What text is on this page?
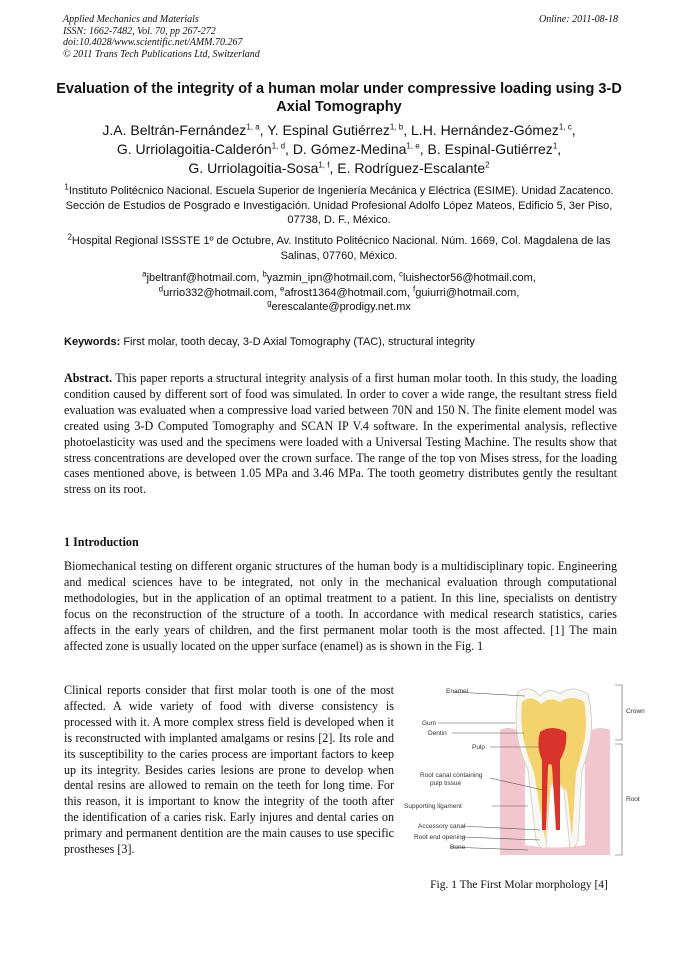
Applied Mechanics and Materials
ISSN: 1662-7482, Vol. 70, pp 267-272
doi:10.4028/www.scientific.net/AMM.70.267
© 2011 Trans Tech Publications Ltd, Switzerland
Online: 2011-08-18
Evaluation of the integrity of a human molar under compressive loading using 3-D Axial Tomography
J.A. Beltrán-Fernández$^{1, a}$, Y. Espinal Gutiérrez$^{1, b}$, L.H. Hernández-Gómez$^{1, c}$,
G. Urriolagoitia-Calderón$^{1, d}$, D. Gómez-Medina$^{1, e}$, B. Espinal-Gutiérrez$^1$,
G. Urriolagoitia-Sosa$^{1, f}$, E. Rodríguez-Escalante$^2$
$^1$Instituto Politécnico Nacional. Escuela Superior de Ingeniería Mecánica y Eléctrica (ESIME). Unidad Zacatenco. Sección de Estudios de Posgrado e Investigación. Unidad Profesional Adolfo López Mateos, Edificio 5, 3er Piso, 07738, D. F., México.
$^2$Hospital Regional ISSSTE 1º de Octubre, Av. Instituto Politécnico Nacional. Núm. 1669, Col. Magdalena de las Salinas, 07760, México.
$^a$jbeltranf@hotmail.com, $^b$yazmin_ipn@hotmail.com, $^c$luishector56@hotmail.com,
$^d$urrio332@hotmail.com, $^e$afrost1364@hotmail.com, $^f$guiurri@hotmail.com,
$^g$erescalante@prodigy.net.mx
Keywords: First molar, tooth decay, 3-D Axial Tomography (TAC), structural integrity
Abstract. This paper reports a structural integrity analysis of a first human molar tooth. In this study, the loading condition caused by different sort of food was simulated. In order to cover a wide range, the resultant stress field evaluation was evaluated when a compressive load varied between 70N and 150 N. The finite element model was created using 3-D Computed Tomography and SCAN IP V.4 software. In the experimental analysis, reflective photoelasticity was used and the specimens were loaded with a Universal Testing Machine. The results show that stress concentrations are developed over the crown surface. The range of the top von Mises stress, for the loading cases mentioned above, is between 1.05 MPa and 3.46 MPa. The tooth geometry distributes gently the resultant stress on its root.
1 Introduction
Biomechanical testing on different organic structures of the human body is a multidisciplinary topic. Engineering and medical sciences have to be integrated, not only in the mechanical evaluation through computational methodologies, but in the application of an optimal treatment to a patient. In this line, specialists on dentistry focus on the reconstruction of the structure of a tooth. In accordance with medical research statistics, caries affects in the early years of children, and the first permanent molar tooth is the most affected. [1] The main affected zone is usually located on the upper surface (enamel) as is shown in the Fig. 1
Clinical reports consider that first molar tooth is one of the most affected. A wide variety of food with diverse consistency is processed with it. A more complex stress field is developed when it is reconstructed with implanted amalgams or resins [2]. Its role and its susceptibility to the caries process are important factors to keep up its integrity. Besides caries lesions are prone to develop when dental resins are allowed to remain on the teeth for long time. For this reason, it is important to know the integrity of the tooth after the identification of a caries risk. Early injures and dental caries on primary and permanent dentition are the main causes to use specific prostheses [3].
Enamel
Gum
Dentin
Pulp
Root canal containing
pulp tissue
Supporting ligament
Accessory canal
Root end opening
Bone
Crown
Root
Fig. 1 The First Molar morphology [4]
